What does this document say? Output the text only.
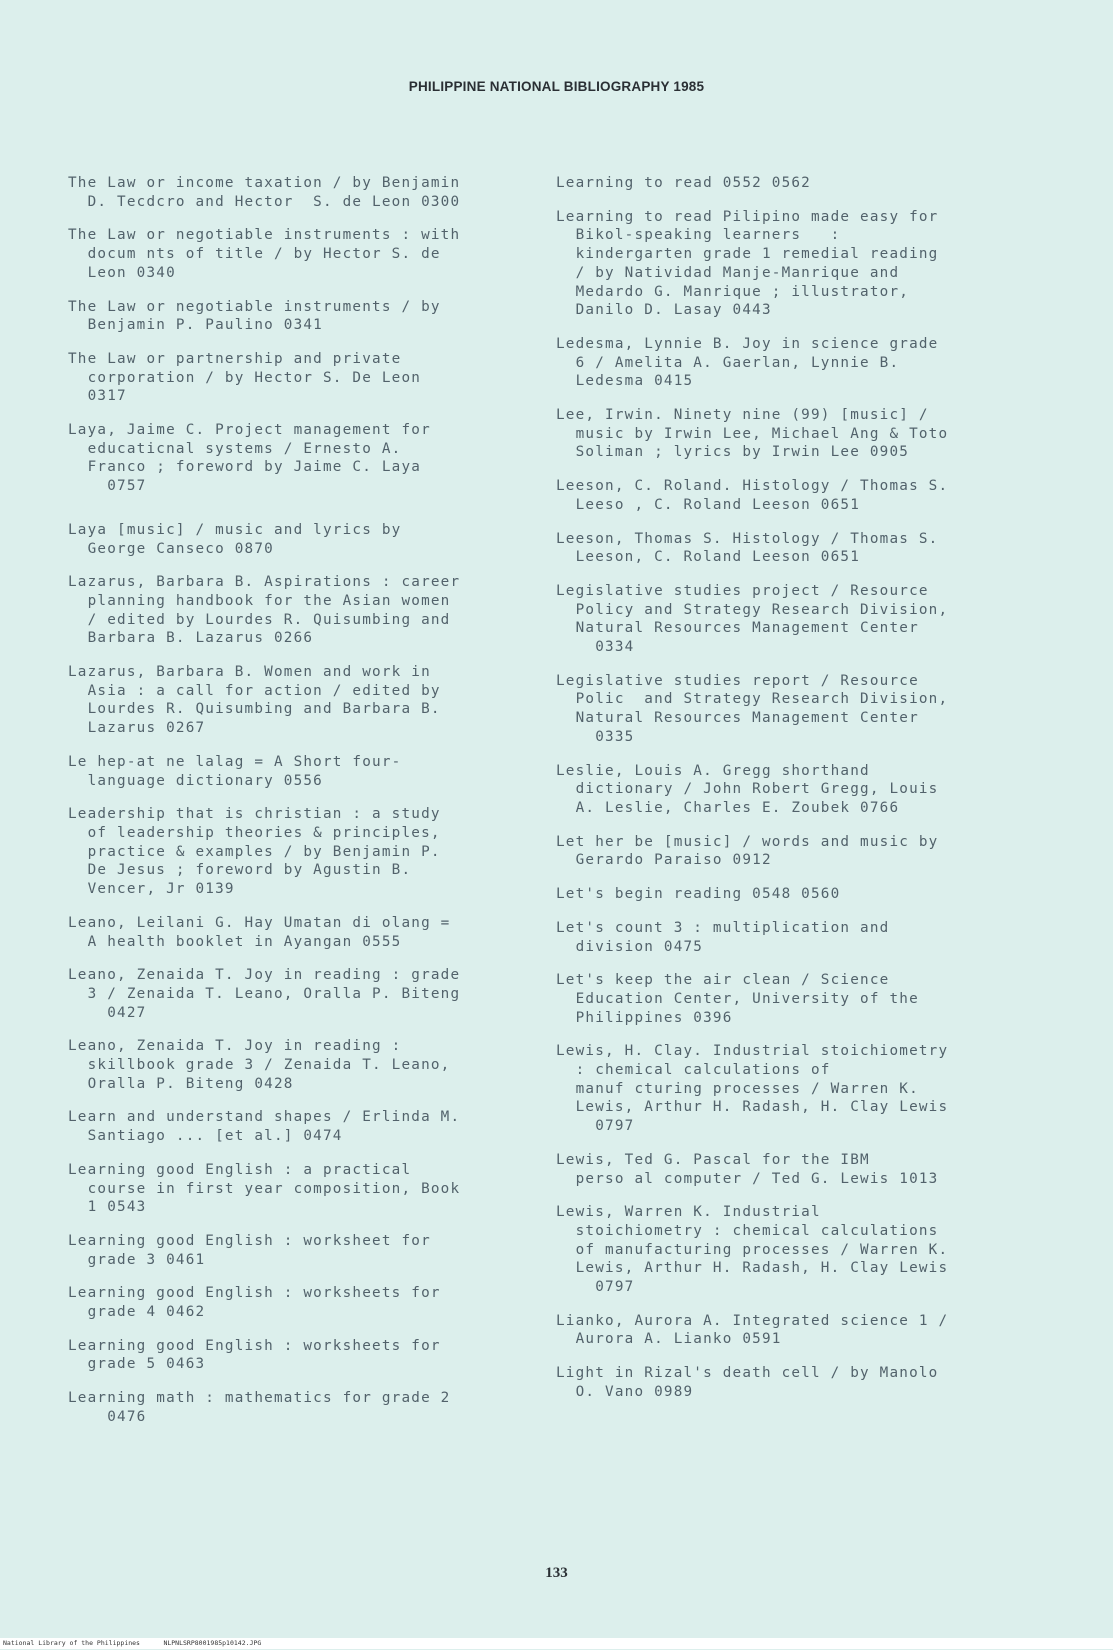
PHILIPPINE NATIONAL BIBLIOGRAPHY 1985
The Law or income taxation / by Benjamin
D. Tecdcro and Hector  S. de Leon 0300
The Law or negotiable instruments : with
docum nts of title / by Hector S. de
Leon 0340
The Law or negotiable instruments / by
Benjamin P. Paulino 0341
The Law or partnership and private
corporation / by Hector S. De Leon
0317
Laya, Jaime C. Project management for
educaticnal systems / Ernesto A.
Franco ; foreword by Jaime C. Laya
0757
Laya [music] / music and lyrics by
George Canseco 0870
Lazarus, Barbara B. Aspirations : career
planning handbook for the Asian women
/ edited by Lourdes R. Quisumbing and
Barbara B. Lazarus 0266
Lazarus, Barbara B. Women and work in
Asia : a call for action / edited by
Lourdes R. Quisumbing and Barbara B.
Lazarus 0267
Le hep-at ne lalag = A Short four-
language dictionary 0556
Leadership that is christian : a study
of leadership theories & principles,
practice & examples / by Benjamin P.
De Jesus ; foreword by Agustin B.
Vencer, Jr 0139
Leano, Leilani G. Hay Umatan di olang =
A health booklet in Ayangan 0555
Leano, Zenaida T. Joy in reading : grade
3 / Zenaida T. Leano, Oralla P. Biteng
0427
Leano, Zenaida T. Joy in reading :
skillbook grade 3 / Zenaida T. Leano,
Oralla P. Biteng 0428
Learn and understand shapes / Erlinda M.
Santiago ... [et al.] 0474
Learning good English : a practical
course in first year composition, Book
1 0543
Learning good English : worksheet for
grade 3 0461
Learning good English : worksheets for
grade 4 0462
Learning good English : worksheets for
grade 5 0463
Learning math : mathematics for grade 2
0476
Learning to read 0552 0562
Learning to read Pilipino made easy for
Bikol-speaking learners   :
kindergarten grade 1 remedial reading
/ by Natividad Manje-Manrique and
Medardo G. Manrique ; illustrator,
Danilo D. Lasay 0443
Ledesma, Lynnie B. Joy in science grade
6 / Amelita A. Gaerlan, Lynnie B.
Ledesma 0415
Lee, Irwin. Ninety nine (99) [music] /
music by Irwin Lee, Michael Ang & Toto
Soliman ; lyrics by Irwin Lee 0905
Leeson, C. Roland. Histology / Thomas S.
Leeso , C. Roland Leeson 0651
Leeson, Thomas S. Histology / Thomas S.
Leeson, C. Roland Leeson 0651
Legislative studies project / Resource
Policy and Strategy Research Division,
Natural Resources Management Center
0334
Legislative studies report / Resource
Polic  and Strategy Research Division,
Natural Resources Management Center
0335
Leslie, Louis A. Gregg shorthand
dictionary / John Robert Gregg, Louis
A. Leslie, Charles E. Zoubek 0766
Let her be [music] / words and music by
Gerardo Paraiso 0912
Let's begin reading 0548 0560
Let's count 3 : multiplication and
division 0475
Let's keep the air clean / Science
Education Center, University of the
Philippines 0396
Lewis, H. Clay. Industrial stoichiometry
: chemical calculations of
manuf cturing processes / Warren K.
Lewis, Arthur H. Radash, H. Clay Lewis
0797
Lewis, Ted G. Pascal for the IBM
perso al computer / Ted G. Lewis 1013
Lewis, Warren K. Industrial
stoichiometry : chemical calculations
of manufacturing processes / Warren K.
Lewis, Arthur H. Radash, H. Clay Lewis
0797
Lianko, Aurora A. Integrated science 1 /
Aurora A. Lianko 0591
Light in Rizal's death cell / by Manolo
O. Vano 0989
133
National Library of the Philippines      NLPNLSRP8001985p10142.JPG
